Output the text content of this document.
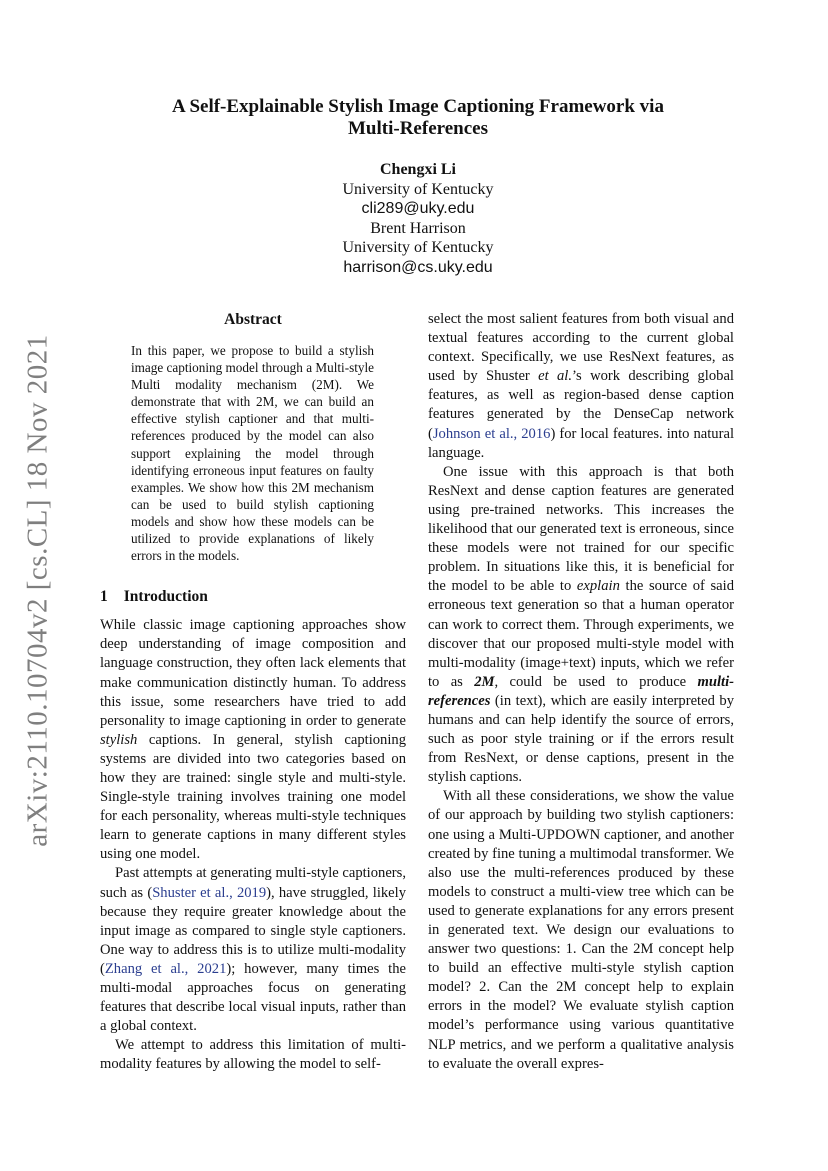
arXiv:2110.10704v2 [cs.CL] 18 Nov 2021
A Self-Explainable Stylish Image Captioning Framework via
Multi-References
Chengxi Li
University of Kentucky
cli289@uky.edu
Brent Harrison
University of Kentucky
harrison@cs.uky.edu
Abstract

In this paper, we propose to build a stylish image captioning model through a Multi-style Multi modality mechanism (2M). We demonstrate that with 2M, we can build an effective stylish captioner and that multi-references produced by the model can also support explaining the model through identifying erroneous input features on faulty examples. We show how this 2M mechanism can be used to build stylish captioning models and show how these models can be utilized to provide explanations of likely errors in the models.

1 Introduction

While classic image captioning approaches show deep understanding of image composition and language construction, they often lack elements that make communication distinctly human. To address this issue, some researchers have tried to add personality to image captioning in order to generate stylish captions. In general, stylish captioning systems are divided into two categories based on how they are trained: single style and multi-style. Single-style training involves training one model for each personality, whereas multi-style techniques learn to generate captions in many different styles using one model.

Past attempts at generating multi-style captioners, such as (Shuster et al., 2019), have struggled, likely because they require greater knowledge about the input image as compared to single style captioners. One way to address this is to utilize multi-modality (Zhang et al., 2021); however, many times the multi-modal approaches focus on generating features that describe local visual inputs, rather than a global context.

We attempt to address this limitation of multi-modality features by allowing the model to self-

select the most salient features from both visual and textual features according to the current global context. Specifically, we use ResNext features, as used by Shuster et al.’s work describing global features, as well as region-based dense caption features generated by the DenseCap network (Johnson et al., 2016) for local features. into natural language.

One issue with this approach is that both ResNext and dense caption features are generated using pre-trained networks. This increases the likelihood that our generated text is erroneous, since these models were not trained for our specific problem. In situations like this, it is beneficial for the model to be able to explain the source of said erroneous text generation so that a human operator can work to correct them. Through experiments, we discover that our proposed multi-style model with multi-modality (image+text) inputs, which we refer to as 2M, could be used to produce multi-references (in text), which are easily interpreted by humans and can help identify the source of errors, such as poor style training or if the errors result from ResNext, or dense captions, present in the stylish captions.

With all these considerations, we show the value of our approach by building two stylish captioners: one using a Multi-UPDOWN captioner, and another created by fine tuning a multimodal transformer. We also use the multi-references produced by these models to construct a multi-view tree which can be used to generate explanations for any errors present in generated text. We design our evaluations to answer two questions: 1. Can the 2M concept help to build an effective multi-style stylish caption model? 2. Can the 2M concept help to explain errors in the model? We evaluate stylish caption model’s performance using various quantitative NLP metrics, and we perform a qualitative analysis to evaluate the overall expres-
